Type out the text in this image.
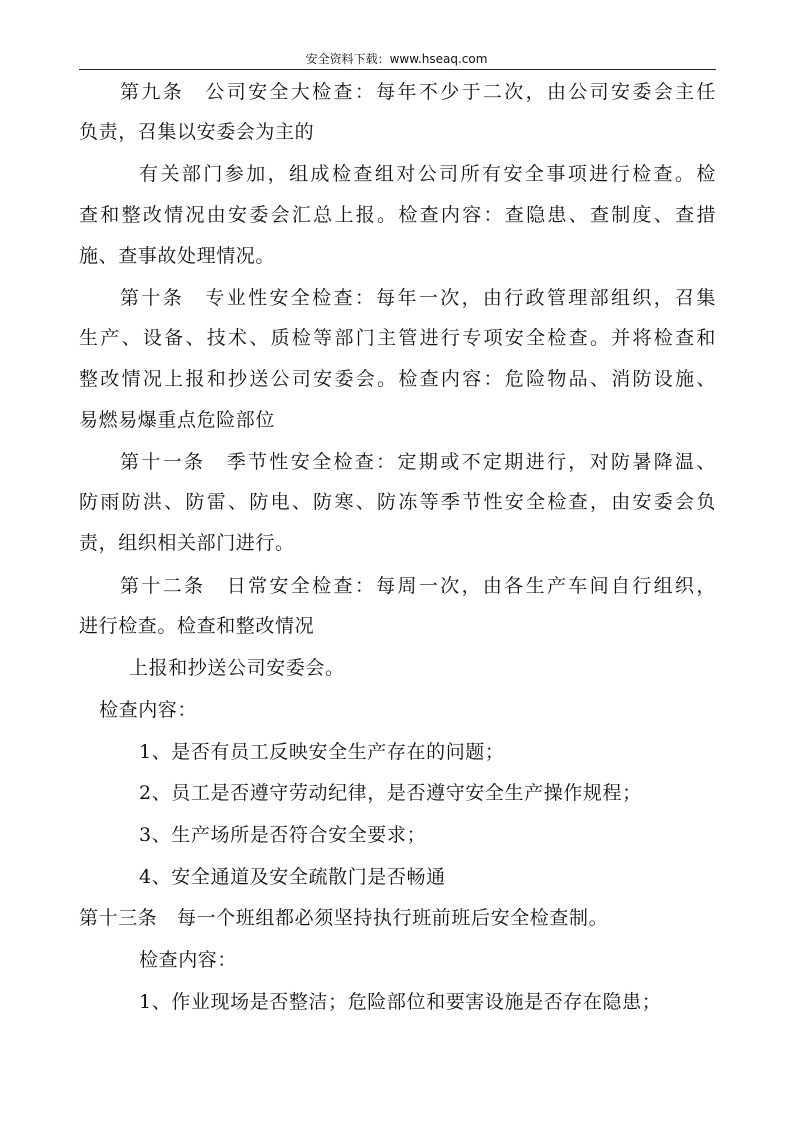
安全资料下载：www.hseaq.com
第九条　公司安全大检查：每年不少于二次，由公司安委会主任
负责，召集以安委会为主的
有关部门参加，组成检查组对公司所有安全事项进行检查。检
查和整改情况由安委会汇总上报。检查内容：查隐患、查制度、查措
施、查事故处理情况。
第十条　专业性安全检查：每年一次，由行政管理部组织，召集
生产、设备、技术、质检等部门主管进行专项安全检查。并将检查和
整改情况上报和抄送公司安委会。检查内容：危险物品、消防设施、
易燃易爆重点危险部位
第十一条　季节性安全检查：定期或不定期进行，对防暑降温、
防雨防洪、防雷、防电、防寒、防冻等季节性安全检查，由安委会负
责，组织相关部门进行。
第十二条　日常安全检查：每周一次，由各生产车间自行组织，
进行检查。检查和整改情况
上报和抄送公司安委会。
检查内容：
1、是否有员工反映安全生产存在的问题；
2、员工是否遵守劳动纪律，是否遵守安全生产操作规程；
3、生产场所是否符合安全要求；
4、安全通道及安全疏散门是否畅通
第十三条　每一个班组都必须坚持执行班前班后安全检查制。
检查内容：
1、作业现场是否整洁；危险部位和要害设施是否存在隐患；
